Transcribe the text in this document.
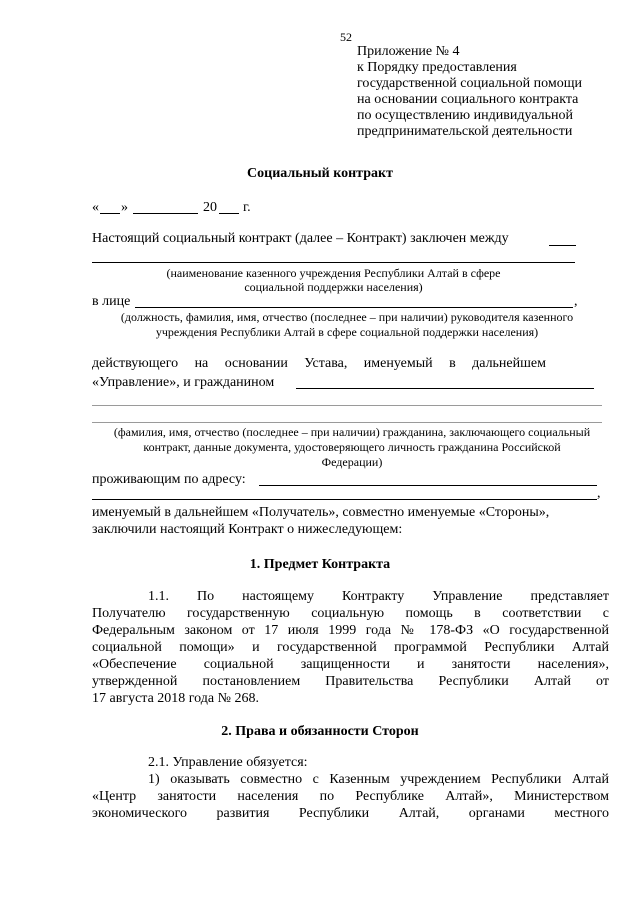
52
Приложение № 4
к Порядку предоставления
государственной социальной помощи
на основании социального контракта
по осуществлению индивидуальной
предпринимательской деятельности
Социальный контракт
« »	20 г.
Настоящий социальный контракт (далее – Контракт) заключен между
(наименование казенного учреждения Республики Алтай в сфере
социальной поддержки населения)
в лице	,
(должность, фамилия, имя, отчество (последнее – при наличии) руководителя казенного
учреждения Республики Алтай в сфере социальной поддержки населения)
действующего на основании Устава, именуемый в дальнейшем
«Управление», и гражданином
(фамилия, имя, отчество (последнее – при наличии) гражданина, заключающего социальный
контракт, данные документа, удостоверяющего личность гражданина Российской
Федерации)
проживающим по адресу:
,
именуемый в дальнейшем «Получатель», совместно именуемые «Стороны»,
заключили настоящий Контракт о нижеследующем:
1. Предмет Контракта
1.1. По настоящему Контракту Управление представляет
Получателю государственную социальную помощь в соответствии с
Федеральным законом от 17 июля 1999 года № 178-ФЗ «О государственной
социальной помощи» и государственной программой Республики Алтай
«Обеспечение социальной защищенности и занятости населения»,
утвержденной постановлением Правительства Республики Алтай от
17 августа 2018 года № 268.
2. Права и обязанности Сторон
2.1. Управление обязуется:
1) оказывать совместно с Казенным учреждением Республики Алтай
«Центр занятости населения по Республике Алтай», Министерством
экономического развития Республики Алтай, органами местного
